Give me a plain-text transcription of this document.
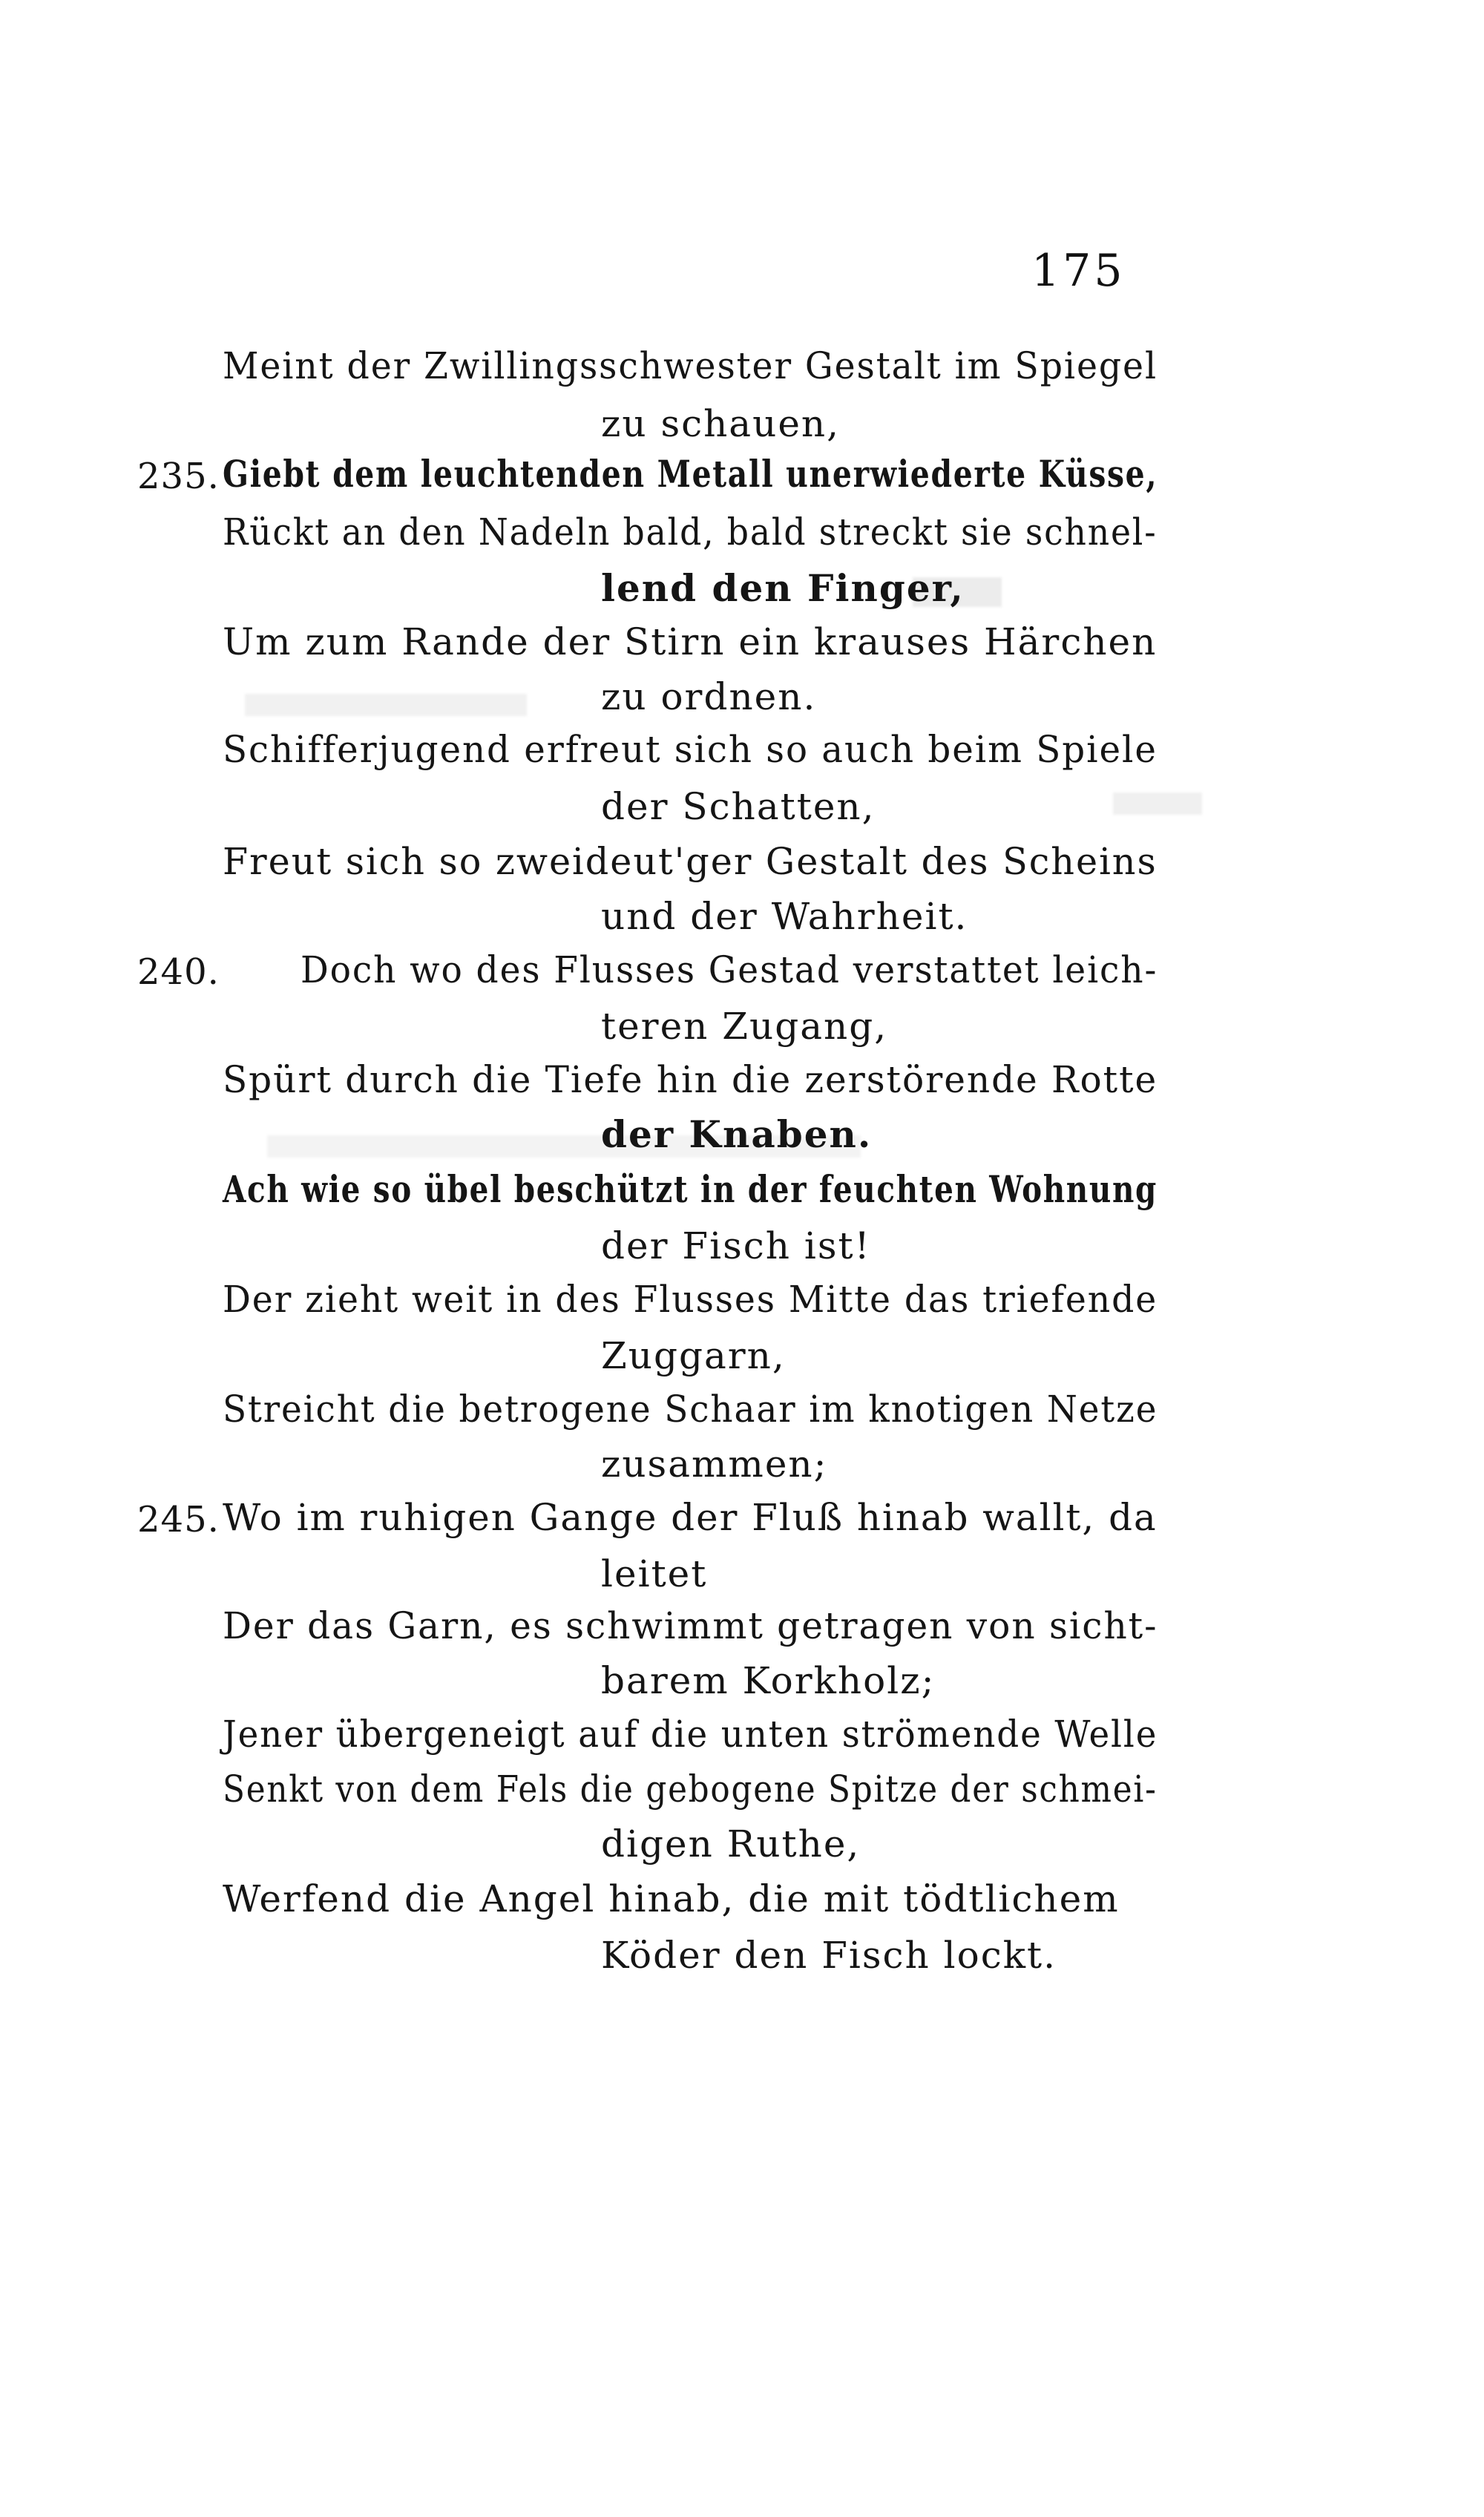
175
235.
240.
245.
Meint der Zwillingsschwester Gestalt im Spiegel
zu schauen,
Giebt dem leuchtenden Metall unerwiederte Küsse,
Rückt an den Nadeln bald, bald streckt sie schnel-
lend den Finger,
Um zum Rande der Stirn ein krauses Härchen
zu ordnen.
Schifferjugend erfreut sich so auch beim Spiele
der Schatten,
Freut sich so zweideut'ger Gestalt des Scheins
und der Wahrheit.
Doch wo des Flusses Gestad verstattet leich-
teren Zugang,
Spürt durch die Tiefe hin die zerstörende Rotte
der Knaben.
Ach wie so übel beschützt in der feuchten Wohnung
der Fisch ist!
Der zieht weit in des Flusses Mitte das triefende
Zuggarn,
Streicht die betrogene Schaar im knotigen Netze
zusammen;
Wo im ruhigen Gange der Fluß hinab wallt, da
leitet
Der das Garn, es schwimmt getragen von sicht-
barem Korkholz;
Jener übergeneigt auf die unten strömende Welle
Senkt von dem Fels die gebogene Spitze der schmei-
digen Ruthe,
Werfend die Angel hinab, die mit tödtlichem
Köder den Fisch lockt.
